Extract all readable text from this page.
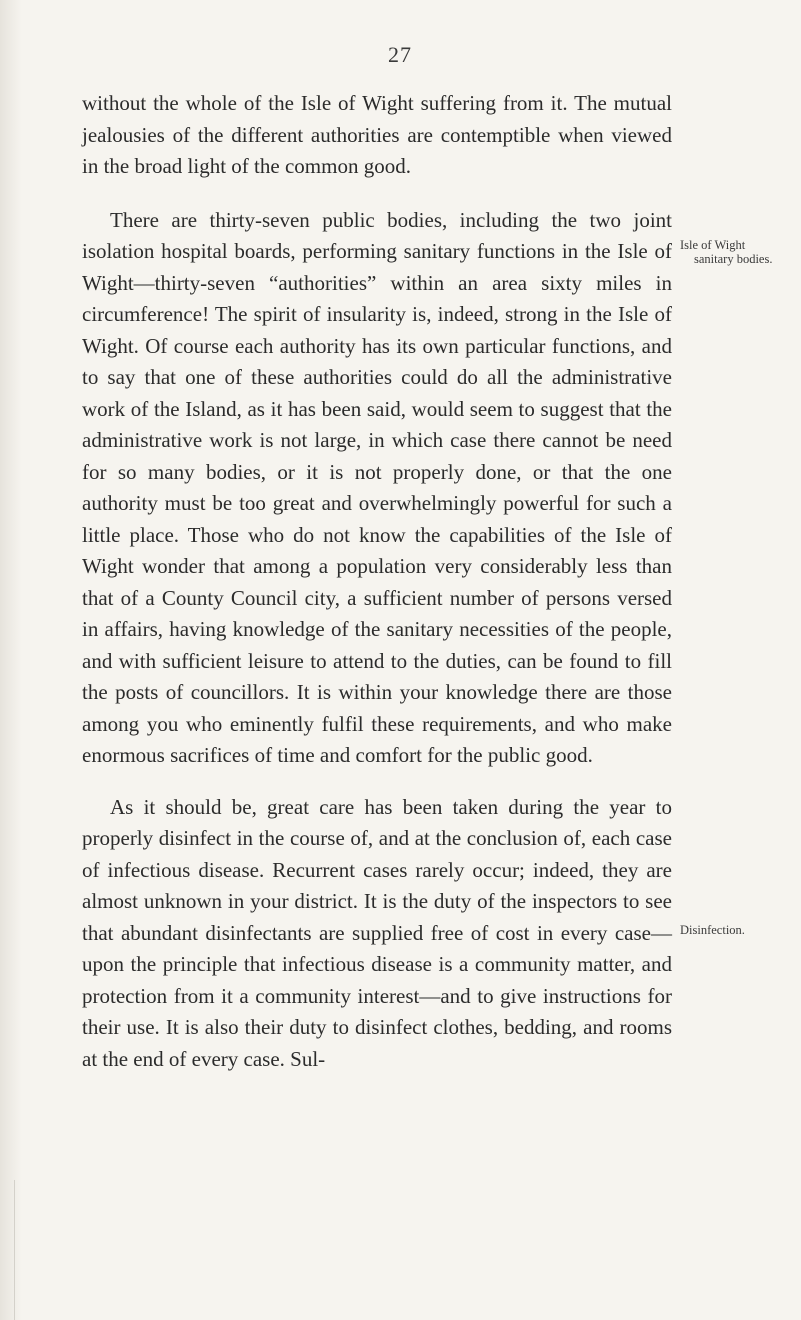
27

without the whole of the Isle of Wight suffering from it. The mutual jealousies of the different authorities are contemptible when viewed in the broad light of the common good.

There are thirty-seven public bodies, including the two joint isolation hospital boards, performing sanitary functions in the Isle of Wight—thirty-seven “authorities” within an area sixty miles in circumference! The spirit of insularity is, indeed, strong in the Isle of Wight. Of course each authority has its own particular functions, and to say that one of these authorities could do all the administrative work of the Island, as it has been said, would seem to suggest that the administrative work is not large, in which case there cannot be need for so many bodies, or it is not properly done, or that the one authority must be too great and overwhelmingly powerful for such a little place. Those who do not know the capabilities of the Isle of Wight wonder that among a population very considerably less than that of a County Council city, a sufficient number of persons versed in affairs, having knowledge of the sanitary necessities of the people, and with sufficient leisure to attend to the duties, can be found to fill the posts of councillors. It is within your knowledge there are those among you who eminently fulfil these requirements, and who make enormous sacrifices of time and comfort for the public good.

As it should be, great care has been taken during the year to properly disinfect in the course of, and at the conclusion of, each case of infectious disease. Recurrent cases rarely occur; indeed, they are almost unknown in your district. It is the duty of the inspectors to see that abundant disinfectants are supplied free of cost in every case—upon the principle that infectious disease is a community matter, and protection from it a community interest—and to give instructions for their use. It is also their duty to disinfect clothes, bedding, and rooms at the end of every case. Sul-

Isle of Wight
sanitary bodies.
Disinfection.
